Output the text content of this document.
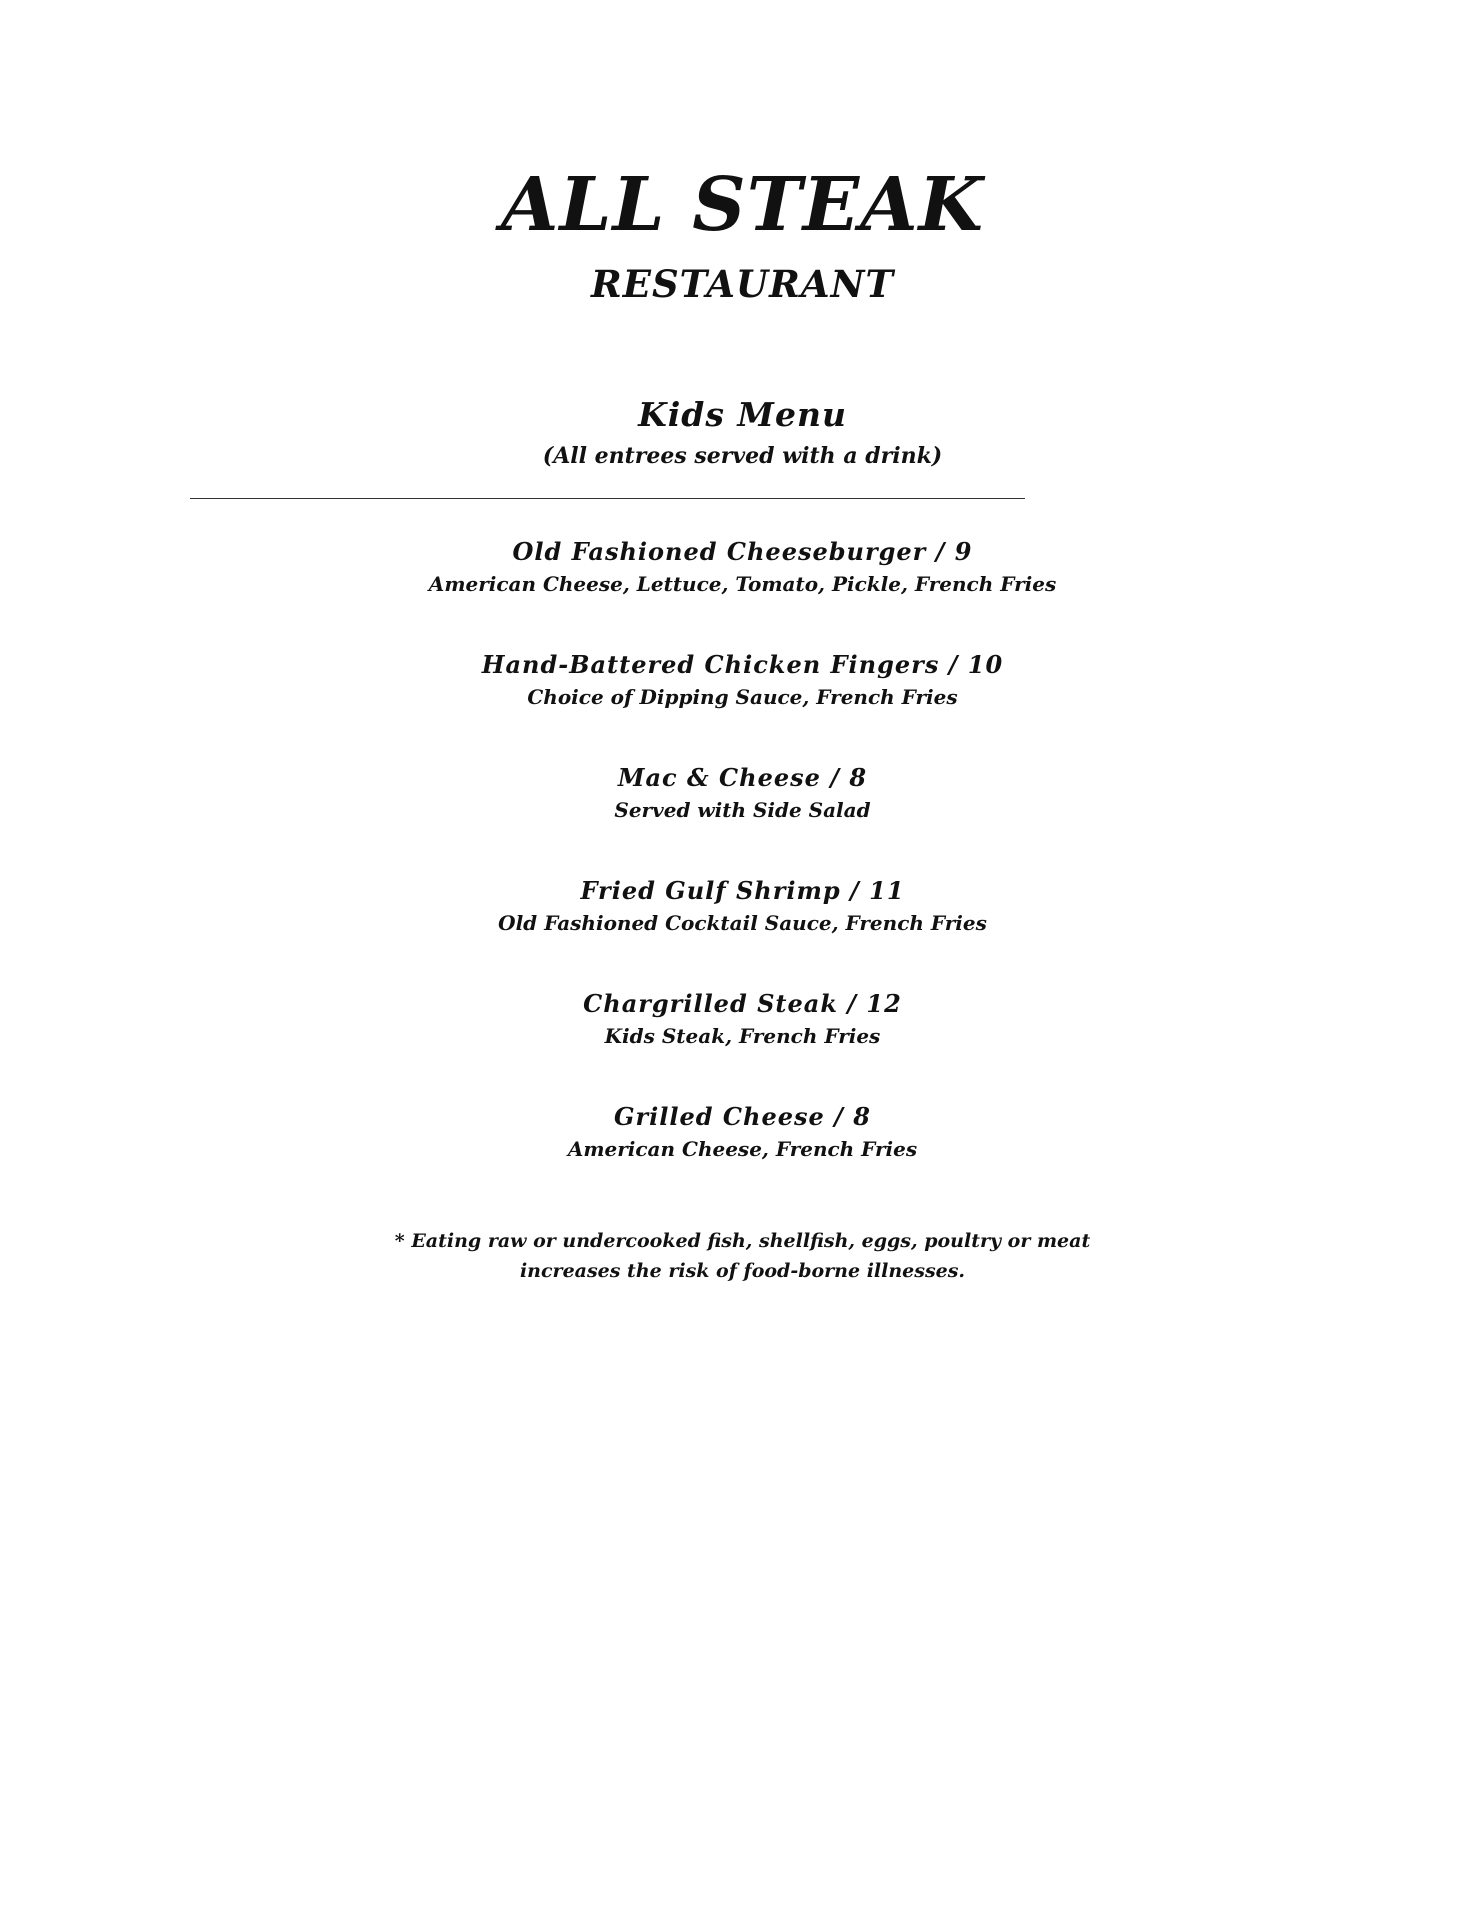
ALL STEAK
RESTAURANT
Kids Menu
(All entrees served with a drink)
Old Fashioned Cheeseburger / 9
American Cheese, Lettuce, Tomato, Pickle, French Fries
Hand-Battered Chicken Fingers / 10
Choice of Dipping Sauce, French Fries
Mac & Cheese / 8
Served with Side Salad
Fried Gulf Shrimp / 11
Old Fashioned Cocktail Sauce, French Fries
Chargrilled Steak / 12
Kids Steak, French Fries
Grilled Cheese / 8
American Cheese, French Fries
* Eating raw or undercooked fish, shellfish, eggs, poultry or meat
increases the risk of food-borne illnesses.
